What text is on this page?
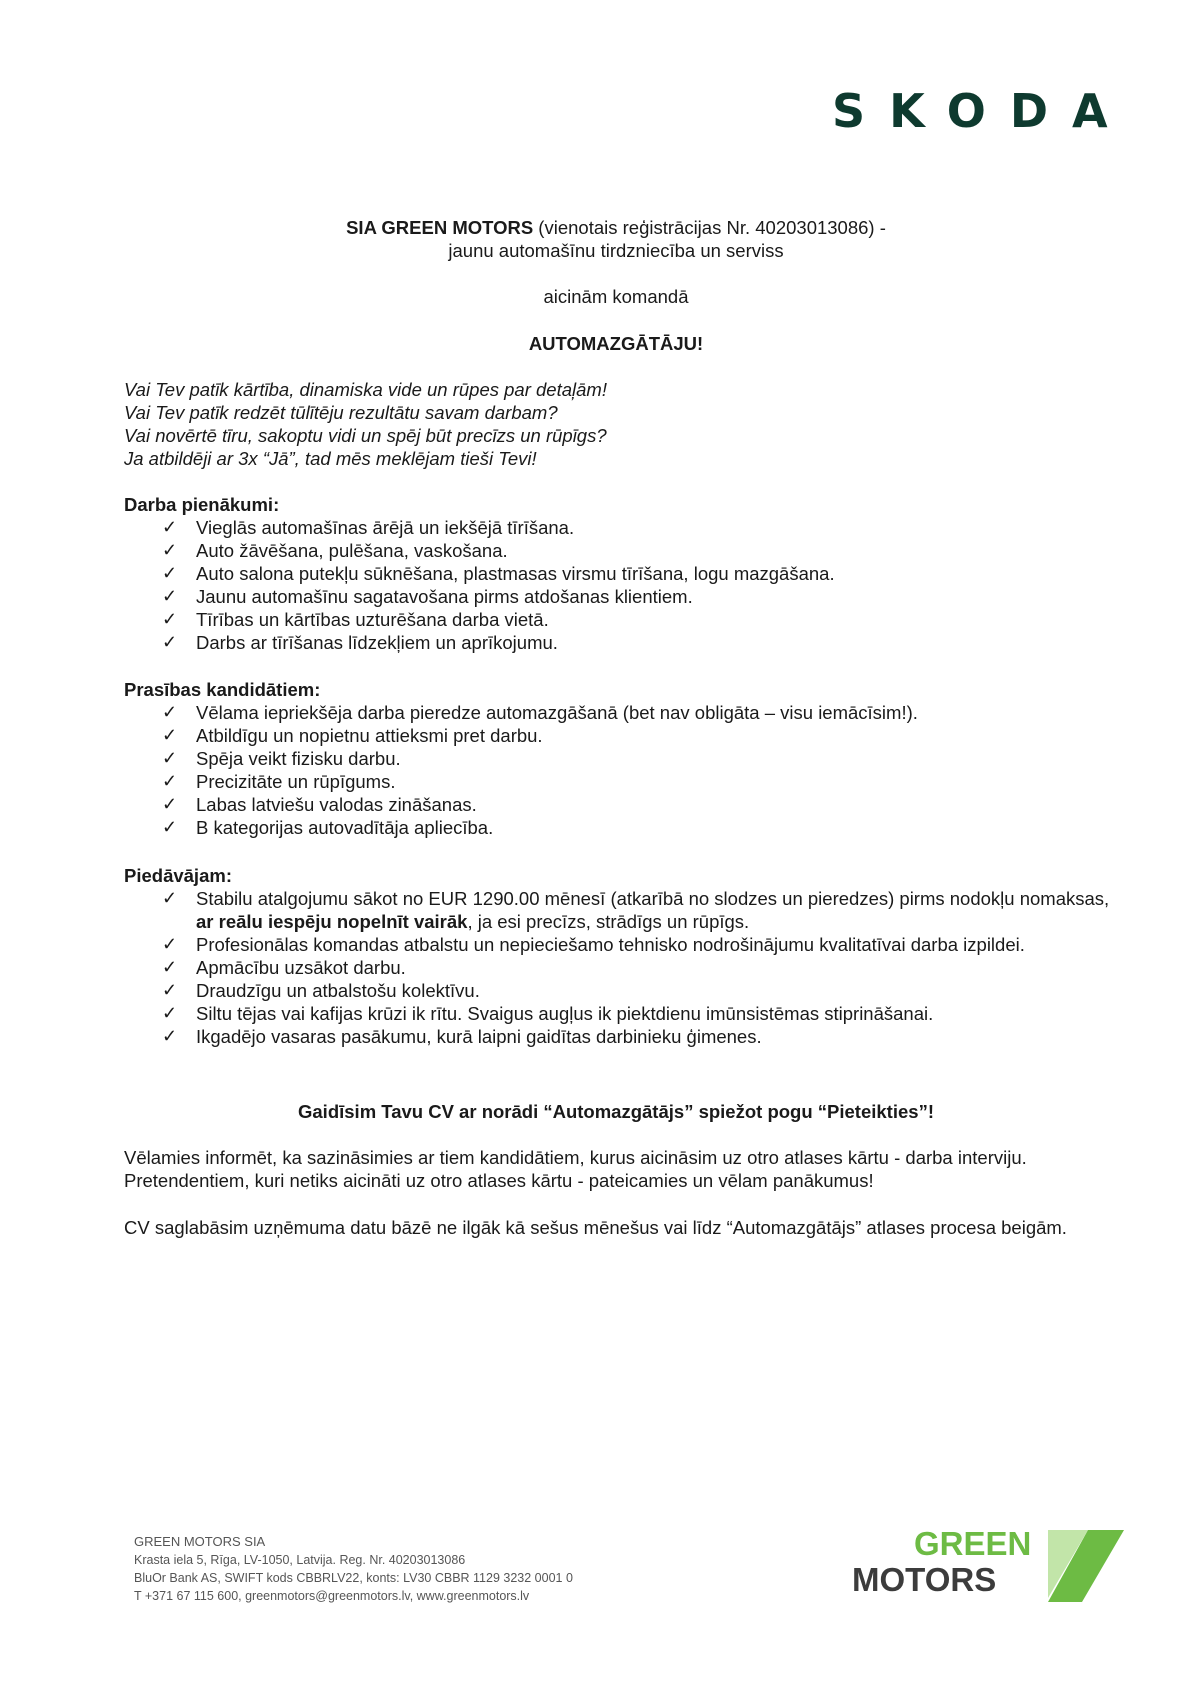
SKODA
SIA GREEN MOTORS (vienotais reģistrācijas Nr. 40203013086) -
jaunu automašīnu tirdzniecība un serviss
aicinām komandā
AUTOMAZGĀTĀJU!
Vai Tev patīk kārtība, dinamiska vide un rūpes par detaļām!
Vai Tev patīk redzēt tūlītēju rezultātu savam darbam?
Vai novērtē tīru, sakoptu vidi un spēj būt precīzs un rūpīgs?
Ja atbildēji ar 3x “Jā”, tad mēs meklējam tieši Tevi!
Darba pienākumi:
✓ Vieglās automašīnas ārējā un iekšējā tīrīšana.
✓ Auto žāvēšana, pulēšana, vaskošana.
✓ Auto salona putekļu sūknēšana, plastmasas virsmu tīrīšana, logu mazgāšana.
✓ Jaunu automašīnu sagatavošana pirms atdošanas klientiem.
✓ Tīrības un kārtības uzturēšana darba vietā.
✓ Darbs ar tīrīšanas līdzekļiem un aprīkojumu.
Prasības kandidātiem:
✓ Vēlama iepriekšēja darba pieredze automazgāšanā (bet nav obligāta – visu iemācīsim!).
✓ Atbildīgu un nopietnu attieksmi pret darbu.
✓ Spēja veikt fizisku darbu.
✓ Precizitāte un rūpīgums.
✓ Labas latviešu valodas zināšanas.
✓ B kategorijas autovadītāja apliecība.
Piedāvājam:
✓ Stabilu atalgojumu sākot no EUR 1290.00 mēnesī (atkarībā no slodzes un pieredzes) pirms nodokļu nomaksas, ar reālu iespēju nopelnīt vairāk, ja esi precīzs, strādīgs un rūpīgs.
✓ Profesionālas komandas atbalstu un nepieciešamo tehnisko nodrošinājumu kvalitatīvai darba izpildei.
✓ Apmācību uzsākot darbu.
✓ Draudzīgu un atbalstošu kolektīvu.
✓ Siltu tējas vai kafijas krūzi ik rītu. Svaigus augļus ik piektdienu imūnsistēmas stiprināšanai.
✓ Ikgadējo vasaras pasākumu, kurā laipni gaidītas darbinieku ģimenes.
Gaidīsim Tavu CV ar norādi “Automazgātājs” spiežot pogu “Pieteikties”!
Vēlamies informēt, ka sazināsimies ar tiem kandidātiem, kurus aicināsim uz otro atlases kārtu - darba interviju. Pretendentiem, kuri netiks aicināti uz otro atlases kārtu - pateicamies un vēlam panākumus!
CV saglabāsim uzņēmuma datu bāzē ne ilgāk kā sešus mēnešus vai līdz “Automazgātājs” atlases procesa beigām.
GREEN MOTORS SIA
Krasta iela 5, Rīga, LV-1050, Latvija. Reg. Nr. 40203013086
BluOr Bank AS, SWIFT kods CBBRLV22, konts: LV30 CBBR 1129 3232 0001 0
T +371 67 115 600, greenmotors@greenmotors.lv, www.greenmotors.lv
GREEN
MOTORS
